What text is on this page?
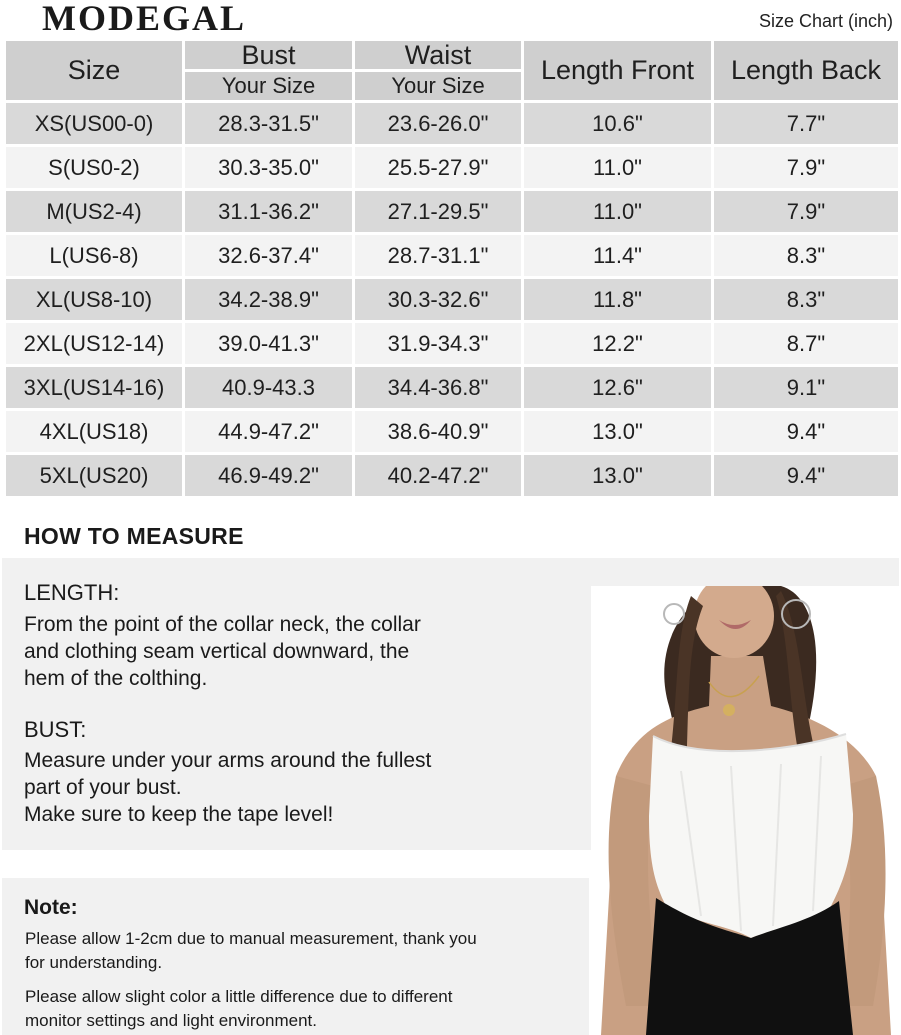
MODEGAL	Size Chart (inch)
Size	Bust	Waist	Length Front	Length Back
	Your Size	Your Size		
XS(US00-0)	28.3-31.5"	23.6-26.0"	10.6"	7.7"
S(US0-2)	30.3-35.0"	25.5-27.9"	11.0"	7.9"
M(US2-4)	31.1-36.2"	27.1-29.5"	11.0"	7.9"
L(US6-8)	32.6-37.4"	28.7-31.1"	11.4"	8.3"
XL(US8-10)	34.2-38.9"	30.3-32.6"	11.8"	8.3"
2XL(US12-14)	39.0-41.3"	31.9-34.3"	12.2"	8.7"
3XL(US14-16)	40.9-43.3	34.4-36.8"	12.6"	9.1"
4XL(US18)	44.9-47.2"	38.6-40.9"	13.0"	9.4"
5XL(US20)	46.9-49.2"	40.2-47.2"	13.0"	9.4"
HOW TO MEASURE
LENGTH:
From the point of the collar neck, the collar
and clothing seam vertical downward, the
hem of the colthing.
BUST:
Measure under your arms around the fullest
part of your bust.
Make sure to keep the tape level!
Note:
Please allow 1-2cm due to manual measurement, thank you
for understanding.
Please allow slight color a little difference due to different
monitor settings and light environment.
